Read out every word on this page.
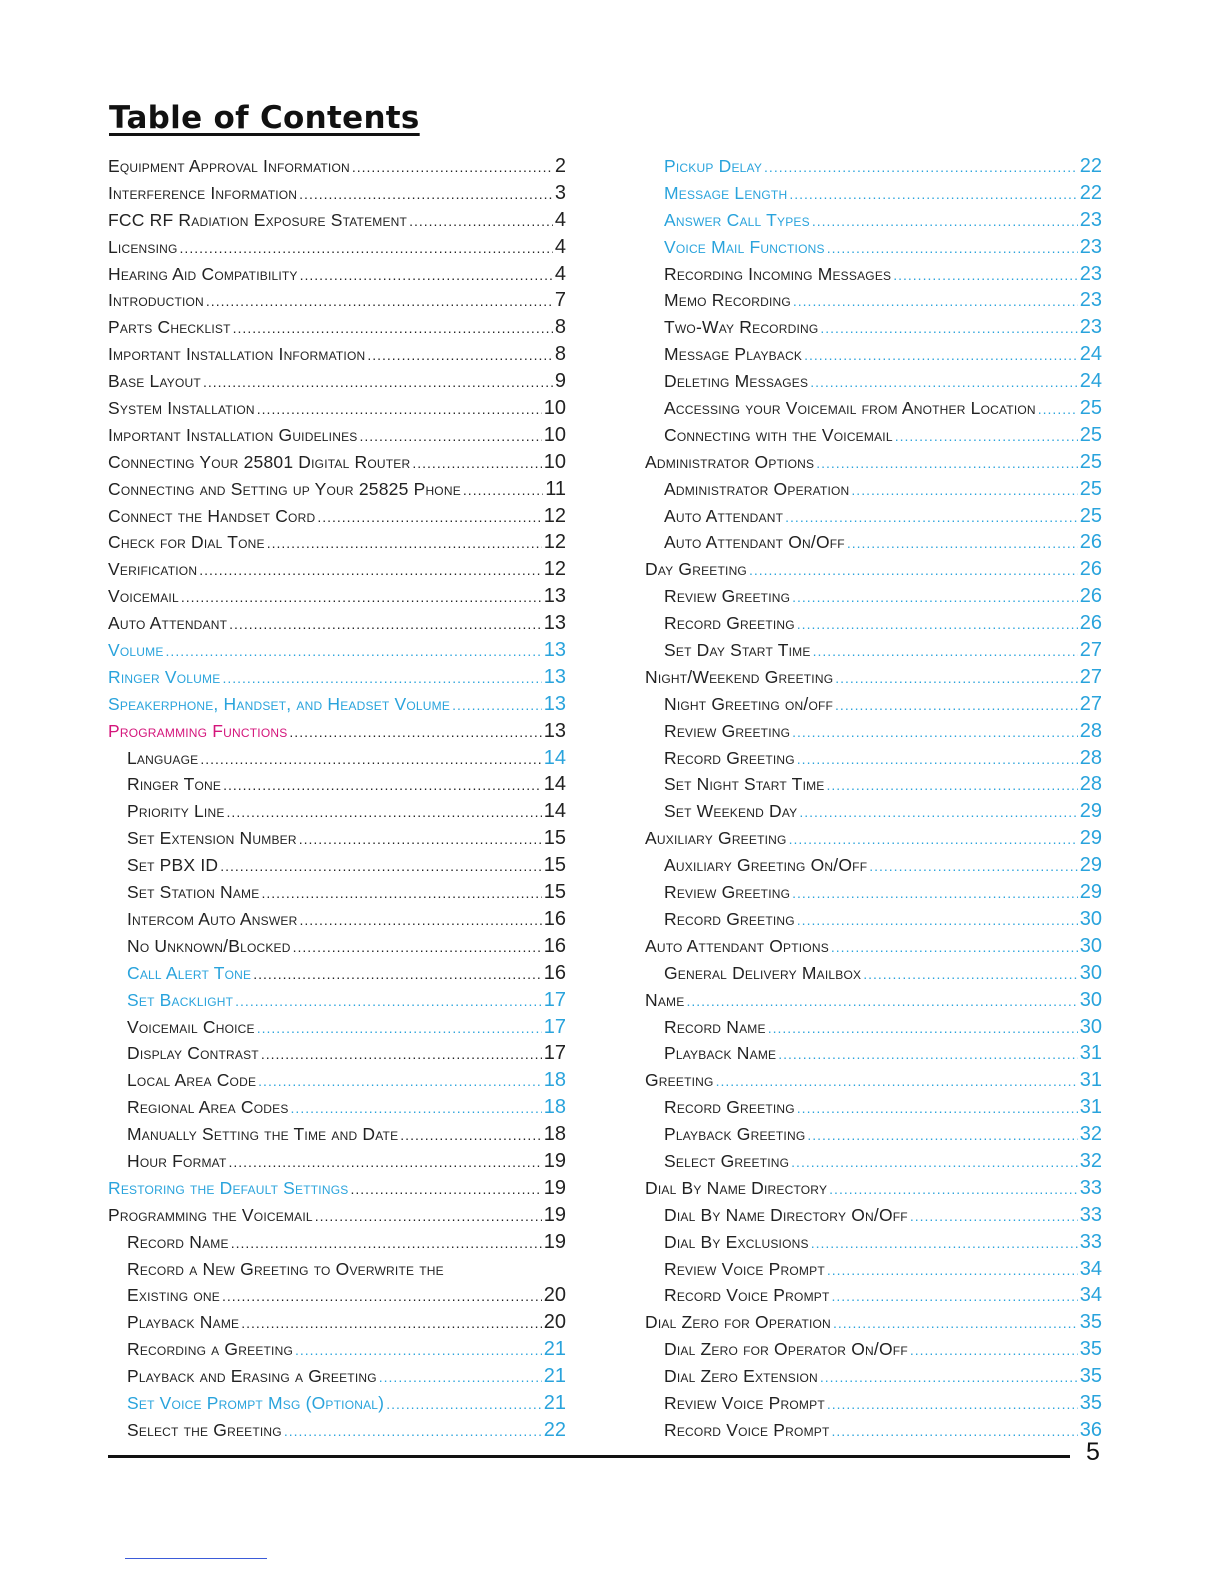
Table of Contents
Equipment Approval Information .....	2
Interference Information .....	3
FCC RF Radiation Exposure Statement .....	4
Licensing .....	4
Hearing Aid Compatibility .....	4
Introduction .....	7
Parts Checklist .....	8
Important Installation Information .....	8
Base Layout .....	9
System Installation .....	10
Important Installation Guidelines .....	10
Connecting Your 25801 Digital Router .....	10
Connecting and Setting up Your 25825 Phone .....	11
Connect the Handset Cord .....	12
Check for Dial Tone .....	12
Verification .....	12
Voicemail .....	13
Auto Attendant .....	13
Volume .....	13
Ringer Volume .....	13
Speakerphone, Handset, and Headset Volume .....	13
Programming Functions .....	13
Language .....	14
Ringer Tone .....	14
Priority Line .....	14
Set Extension Number .....	15
Set PBX ID .....	15
Set Station Name .....	15
Intercom Auto Answer .....	16
No Unknown/Blocked .....	16
Call Alert Tone .....	16
Set Backlight .....	17
Voicemail Choice .....	17
Display Contrast .....	17
Local Area Code .....	18
Regional Area Codes .....	18
Manually Setting the Time and Date .....	18
Hour Format .....	19
Restoring the Default Settings .....	19
Programming the Voicemail .....	19
Record Name .....	19
Record a New Greeting to Overwrite the
Existing one .....	20
Playback Name .....	20
Recording a Greeting .....	21
Playback and Erasing a Greeting .....	21
Set Voice Prompt Msg (Optional) .....	21
Select the Greeting .....	22
Pickup Delay .....	22
Message Length .....	22
Answer Call Types .....	23
Voice Mail Functions .....	23
Recording Incoming Messages .....	23
Memo Recording .....	23
Two-Way Recording .....	23
Message Playback .....	24
Deleting Messages .....	24
Accessing your Voicemail from Another Location ..... 25
Connecting with the Voicemail .....	25
Administrator Options .....	25
Administrator Operation .....	25
Auto Attendant .....	25
Auto Attendant On/Off .....	26
Day Greeting .....	26
Review Greeting .....	26
Record Greeting .....	26
Set Day Start Time .....	27
Night/Weekend Greeting .....	27
Night Greeting on/off .....	27
Review Greeting .....	28
Record Greeting .....	28
Set Night Start Time .....	28
Set Weekend Day .....	29
Auxiliary Greeting .....	29
Auxiliary Greeting On/Off .....	29
Review Greeting .....	29
Record Greeting .....	30
Auto Attendant Options .....	30
General Delivery Mailbox .....	30
Name .....	30
Record Name .....	30
Playback Name .....	31
Greeting .....	31
Record Greeting .....	31
Playback Greeting .....	32
Select Greeting .....	32
Dial By Name Directory .....	33
Dial By Name Directory On/Off .....	33
Dial By Exclusions .....	33
Review Voice Prompt .....	34
Record Voice Prompt .....	34
Dial Zero for Operation .....	35
Dial Zero for Operator On/Off .....	35
Dial Zero Extension .....	35
Review Voice Prompt .....	35
Record Voice Prompt .....	36
5
